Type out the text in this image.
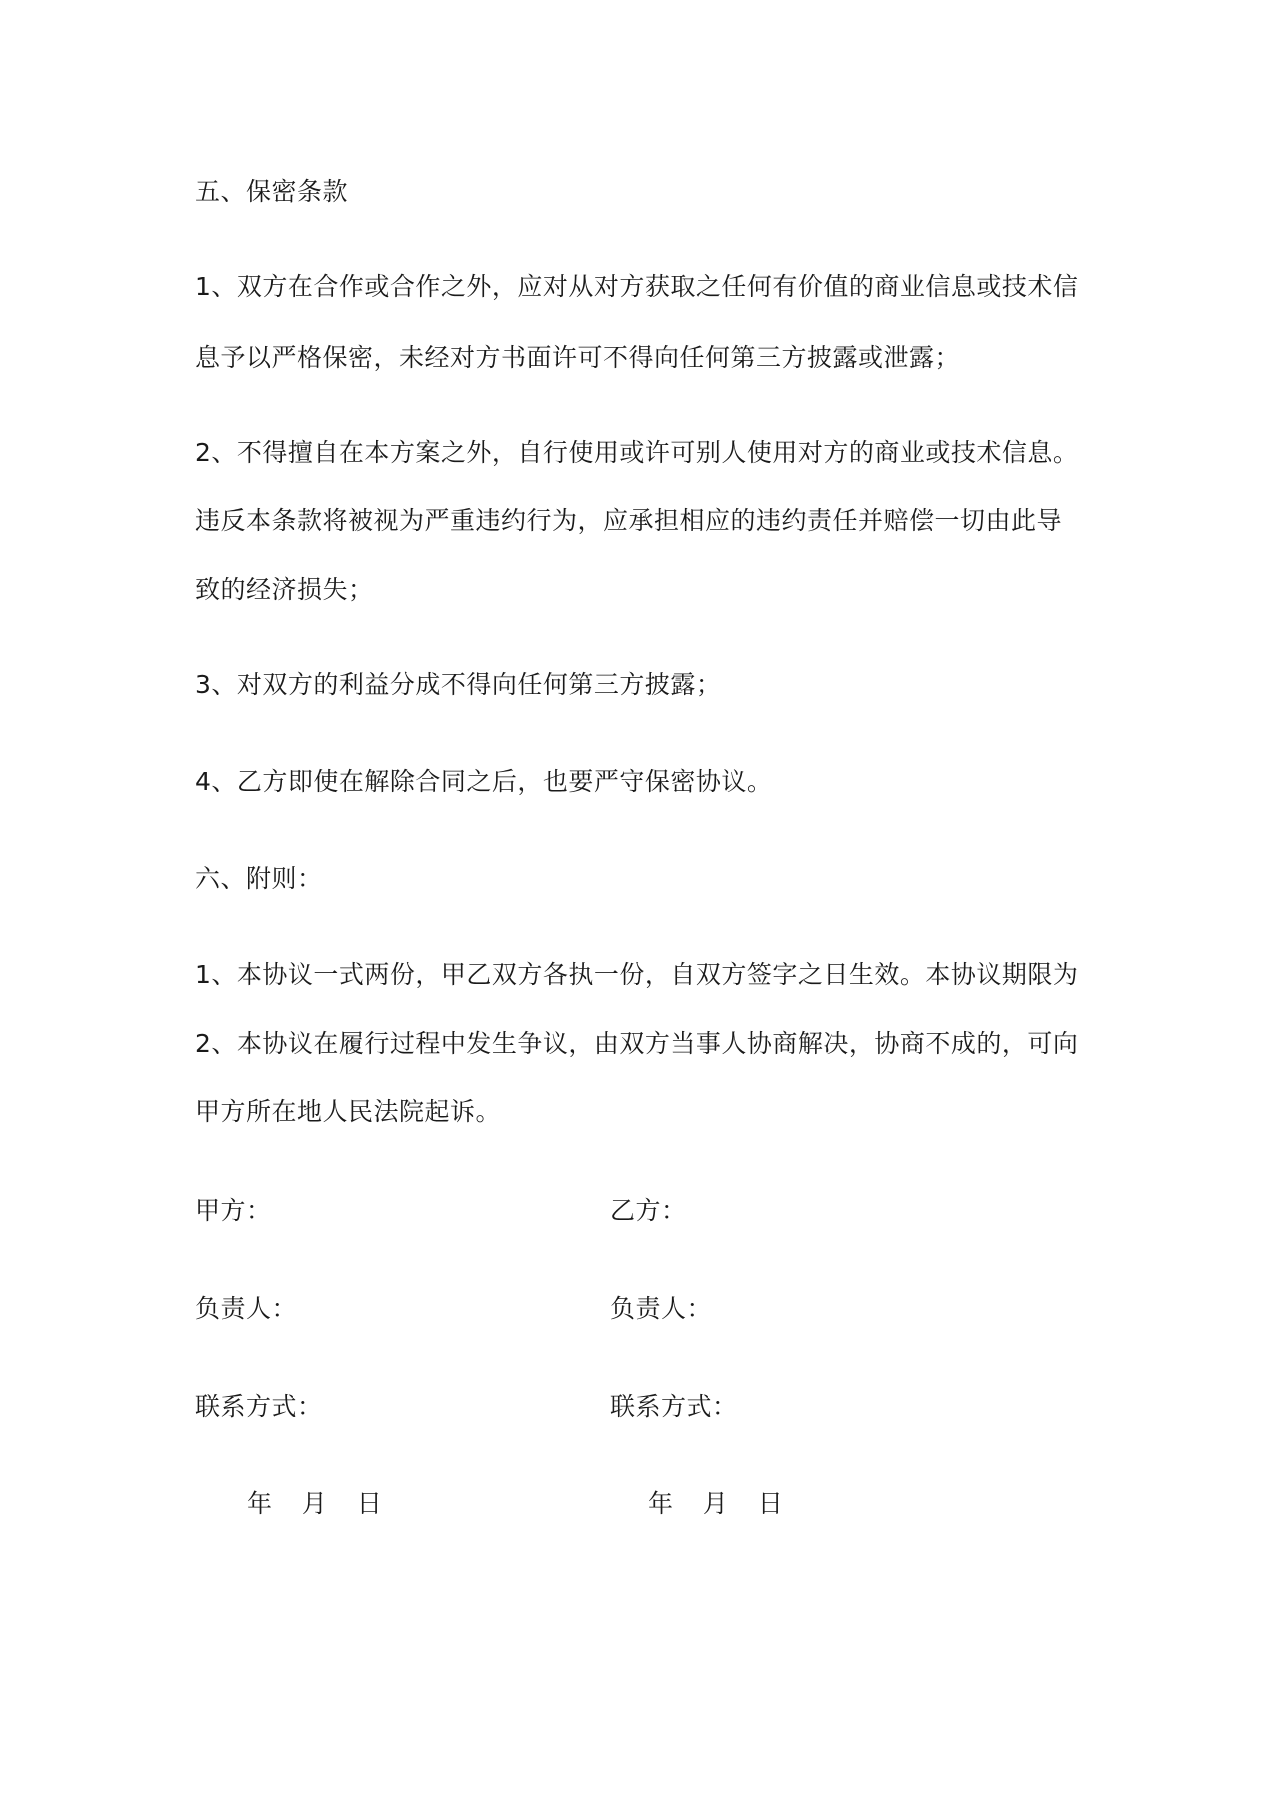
五、保密条款
1、双方在合作或合作之外，应对从对方获取之任何有价值的商业信息或技术信
息予以严格保密，未经对方书面许可不得向任何第三方披露或泄露；
2、不得擅自在本方案之外，自行使用或许可别人使用对方的商业或技术信息。
违反本条款将被视为严重违约行为，应承担相应的违约责任并赔偿一切由此导
致的经济损失；
3、对双方的利益分成不得向任何第三方披露；
4、乙方即使在解除合同之后，也要严守保密协议。
六、附则：
1、本协议一式两份，甲乙双方各执一份，自双方签字之日生效。本协议期限为
2、本协议在履行过程中发生争议，由双方当事人协商解决，协商不成的，可向
甲方所在地人民法院起诉。
甲方：	乙方：
负责人：	负责人：
联系方式：	联系方式：
年 月 日	年 月 日
